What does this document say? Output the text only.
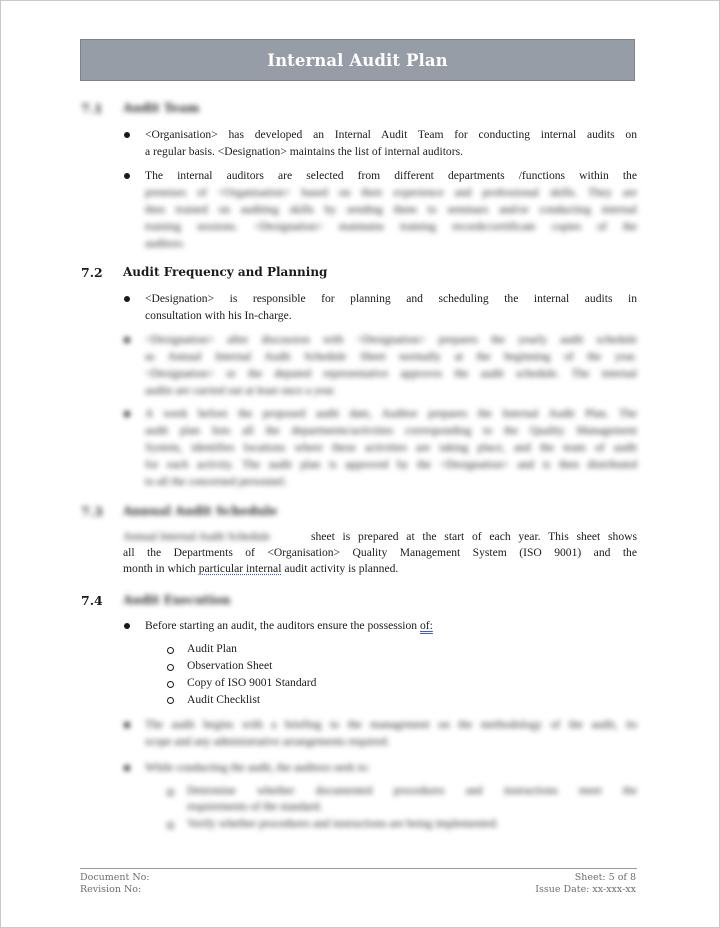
Internal Audit Plan
7.1 Audit Team
<Organisation> has developed an Internal Audit Team for conducting internal audits on
a regular basis. <Designation> maintains the list of internal auditors.
The internal auditors are selected from different departments /functions within the
premises of <Organisation> based on their experience and professional skills. They are
then trained on auditing skills by sending them to seminars and/or conducting internal
training sessions. <Designation> maintains training records/certificate copies of the
auditors.
7.2 Audit Frequency and Planning
<Designation> is responsible for planning and scheduling the internal audits in
consultation with his In-charge.
<Designation> after discussion with <Designation> prepares the yearly audit schedule
as Annual Internal Audit Schedule Sheet normally at the beginning of the year.
<Designation> or the deputed representative approves the audit schedule. The internal
audits are carried out at least once a year.
A week before the proposed audit date, Auditor prepares the Internal Audit Plan. The
audit plan lists all the departments/activities corresponding to the Quality Management
System, identifies locations where these activities are taking place, and the team of audit
for each activity. The audit plan is approved by the <Designation> and is then distributed
to all the concerned personnel.
7.3 Annual Audit Schedule
Annual Internal Audit Schedule	sheet is prepared at the start of each year. This sheet shows
all the Departments of <Organisation> Quality Management System (ISO 9001) and the
month in which particular internal audit activity is planned.
7.4 Audit Execution
Before starting an audit, the auditors ensure the possession of:
Audit Plan
Observation Sheet
Copy of ISO 9001 Standard
Audit Checklist
The audit begins with a briefing to the management on the methodology of the audit, its
scope and any administrative arrangements required.
While conducting the audit, the auditors seek to:
Determine whether documented procedures and instructions meet the
requirements of the standard.
Verify whether procedures and instructions are being implemented.
Document No:
Revision No:
Sheet: 5 of 8
Issue Date: xx-xxx-xx
